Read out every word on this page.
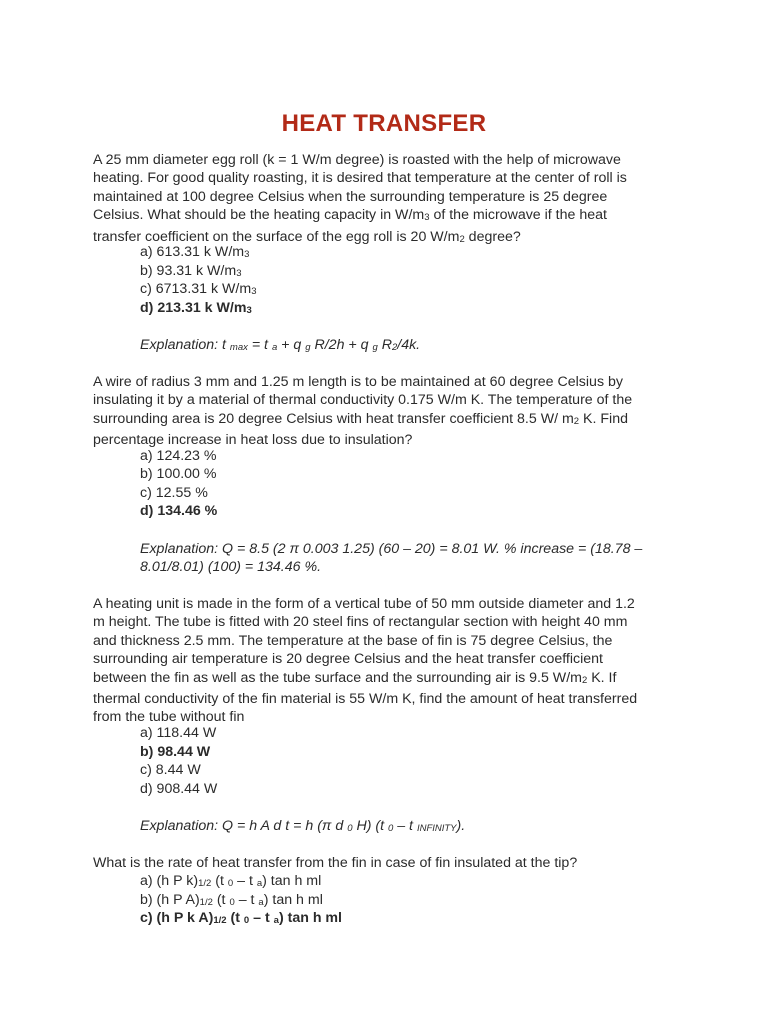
HEAT TRANSFER
A 25 mm diameter egg roll (k = 1 W/m degree) is roasted with the help of microwave
heating. For good quality roasting, it is desired that temperature at the center of roll is
maintained at 100 degree Celsius when the surrounding temperature is 25 degree
Celsius. What should be the heating capacity in $W/m_3$ of the microwave if the heat
transfer coefficient on the surface of the egg roll is 20 $W/m_2$ degree?
a) 613.31 k $W/m_3$
b) 93.31 k $W/m_3$
c) 6713.31 k $W/m_3$
d) 213.31 k $W/m_3$
Explanation: t $_{max}$ = t $_a$ + q $_g$ R/2h + q $_g$ $R_2/4k$.
A wire of radius 3 mm and 1.25 m length is to be maintained at 60 degree Celsius by
insulating it by a material of thermal conductivity 0.175 W/m K. The temperature of the
surrounding area is 20 degree Celsius with heat transfer coefficient 8.5 W/ $m_2$ K. Find
percentage increase in heat loss due to insulation?
a) 124.23 %
b) 100.00 %
c) 12.55 %
d) 134.46 %
Explanation: Q = 8.5 (2 π 0.003 1.25) (60 – 20) = 8.01 W. % increase = (18.78 –
8.01/8.01) (100) = 134.46 %.
A heating unit is made in the form of a vertical tube of 50 mm outside diameter and 1.2
m height. The tube is fitted with 20 steel fins of rectangular section with height 40 mm
and thickness 2.5 mm. The temperature at the base of fin is 75 degree Celsius, the
surrounding air temperature is 20 degree Celsius and the heat transfer coefficient
between the fin as well as the tube surface and the surrounding air is 9.5 $W/m_2$ K. If
thermal conductivity of the fin material is 55 W/m K, find the amount of heat transferred
from the tube without fin
a) 118.44 W
b) 98.44 W
c) 8.44 W
d) 908.44 W
Explanation: Q = h A d t = h (π d $_0$ H) (t $_0$ – t $_{INFINITY}$).
What is the rate of heat transfer from the fin in case of fin insulated at the tip?
a) (h P $k)_{1/2}$ (t $_0$ – t $_a$) tan h ml
b) (h P $A)_{1/2}$ (t $_0$ – t $_a$) tan h ml
c) (h P k $A)_{1/2}$ (t $_0$ – t $_a$) tan h ml
